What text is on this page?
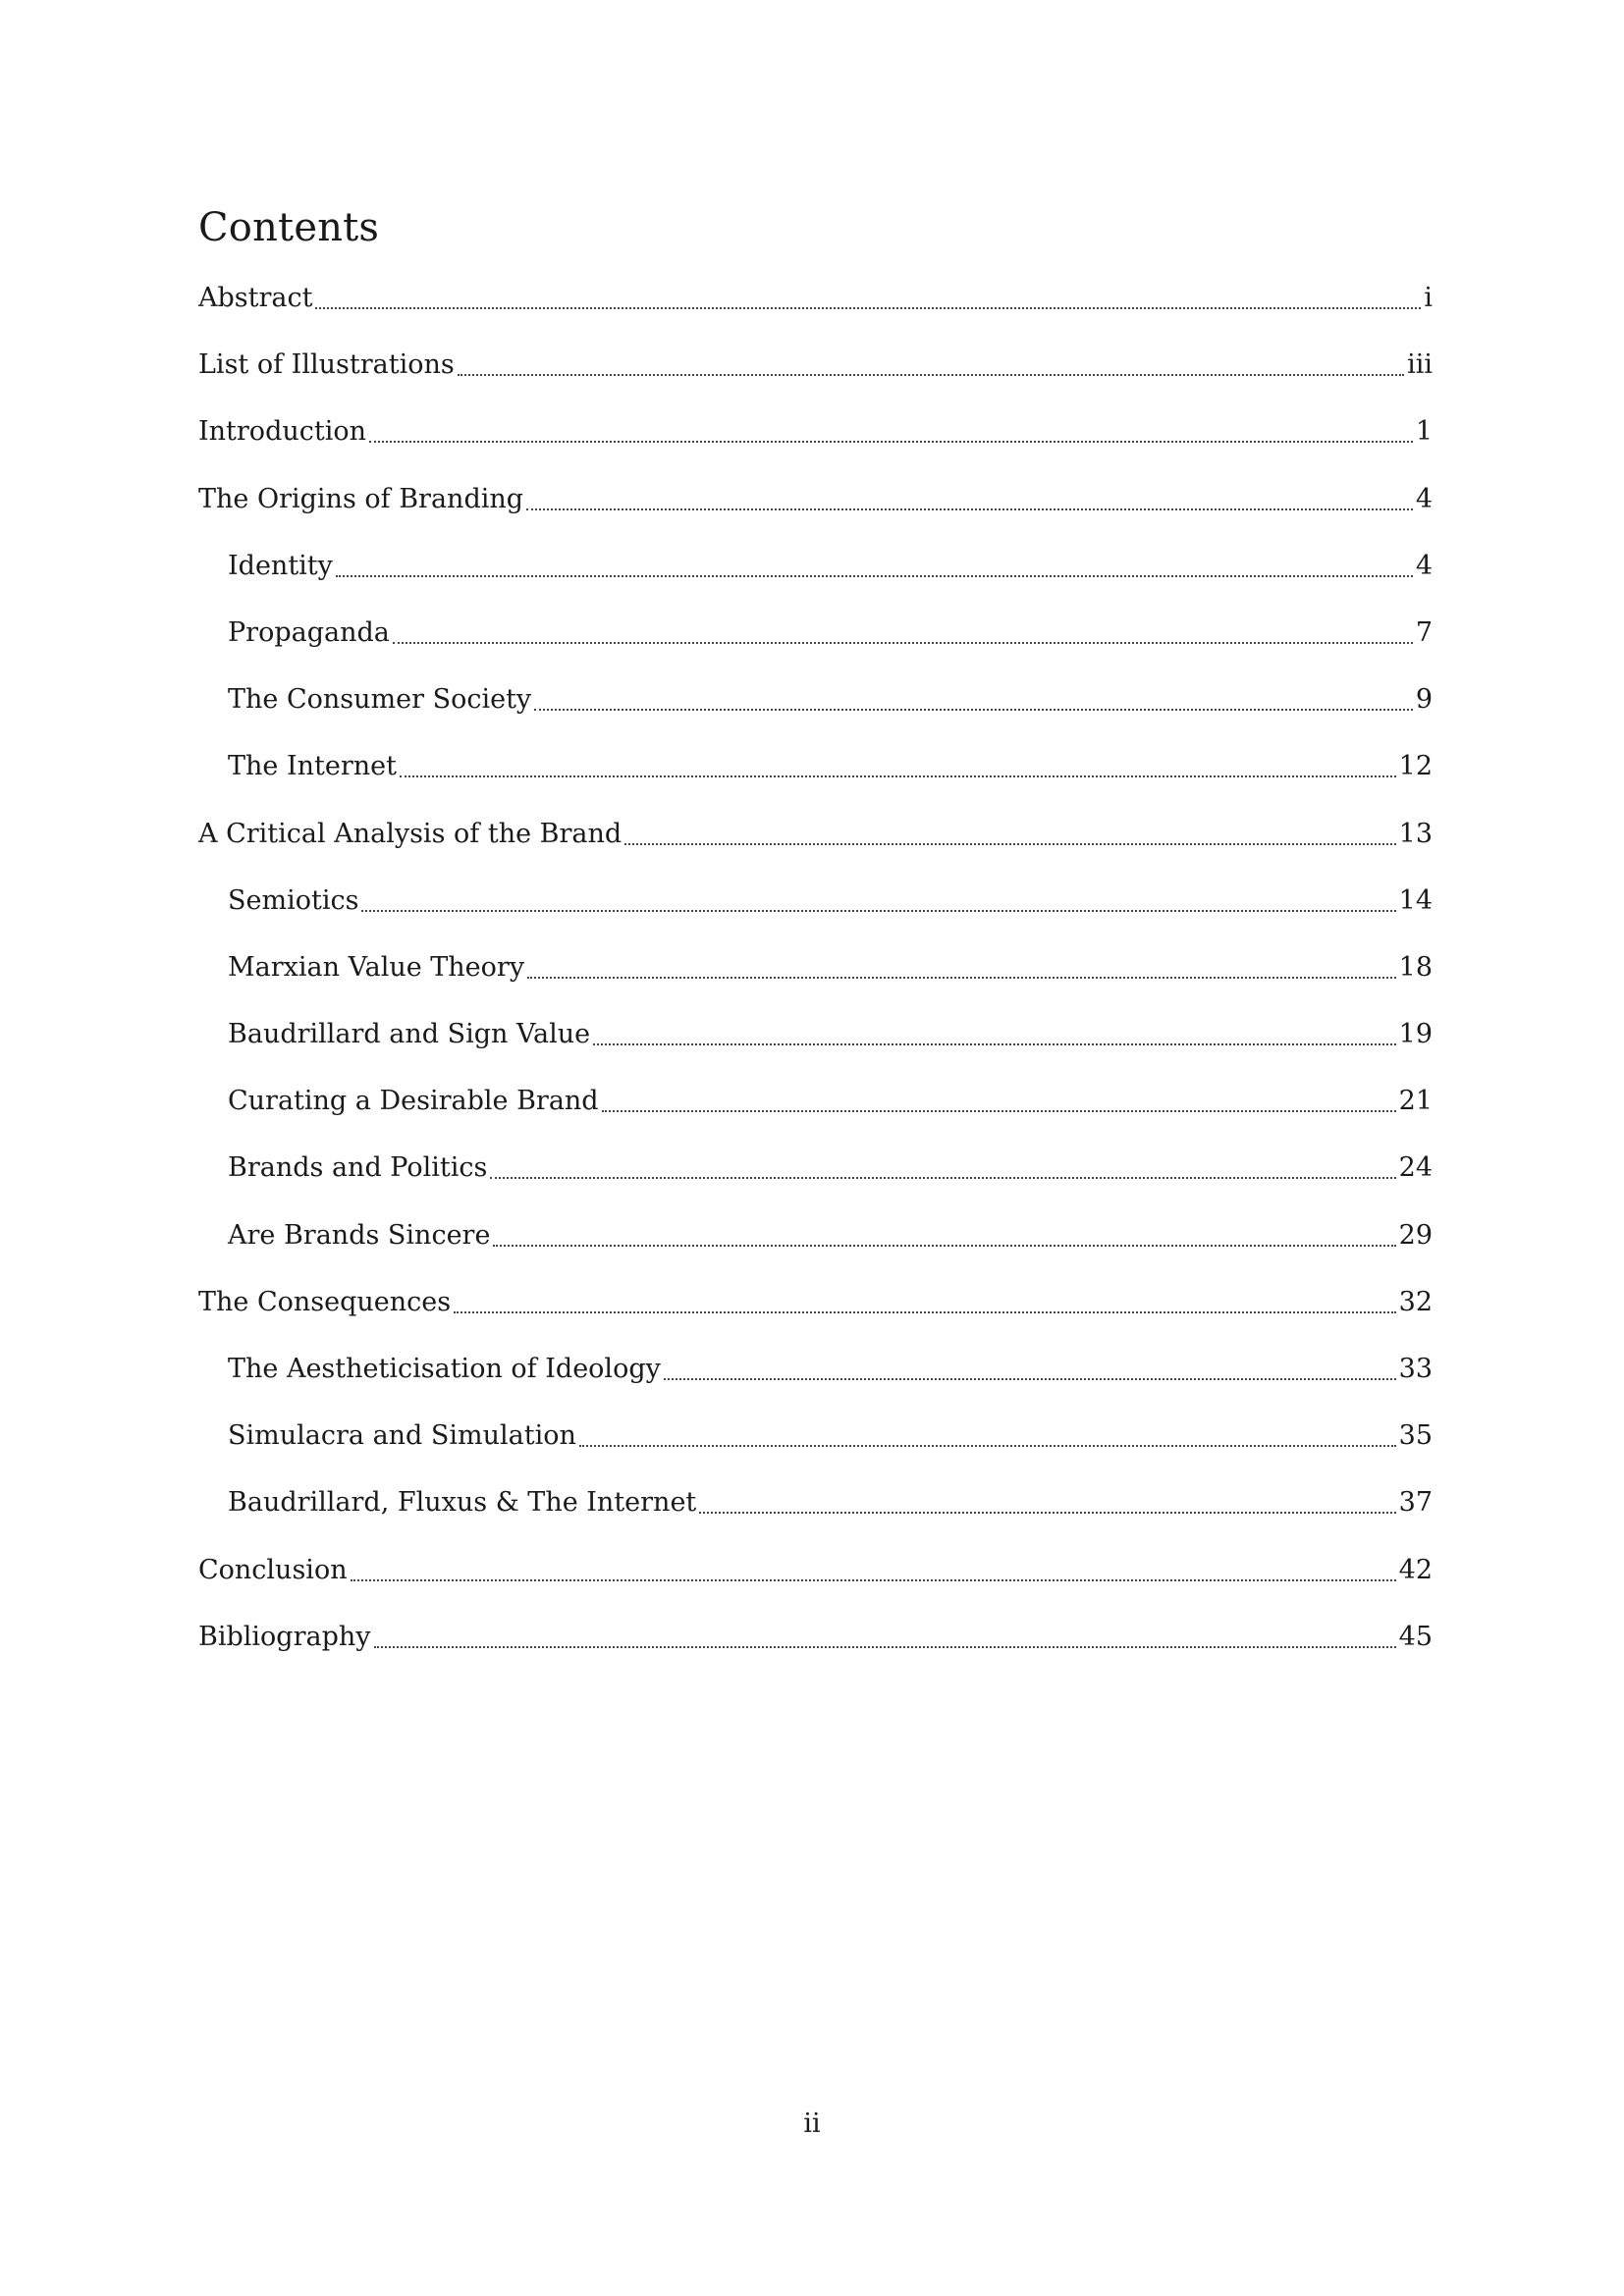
Contents
Abstract	i
List of Illustrations	iii
Introduction	1
The Origins of Branding	4
Identity	4
Propaganda	7
The Consumer Society	9
The Internet	12
A Critical Analysis of the Brand	13
Semiotics	14
Marxian Value Theory	18
Baudrillard and Sign Value	19
Curating a Desirable Brand	21
Brands and Politics	24
Are Brands Sincere	29
The Consequences	32
The Aestheticisation of Ideology	33
Simulacra and Simulation	35
Baudrillard, Fluxus & The Internet	37
Conclusion	42
Bibliography	45
ii
